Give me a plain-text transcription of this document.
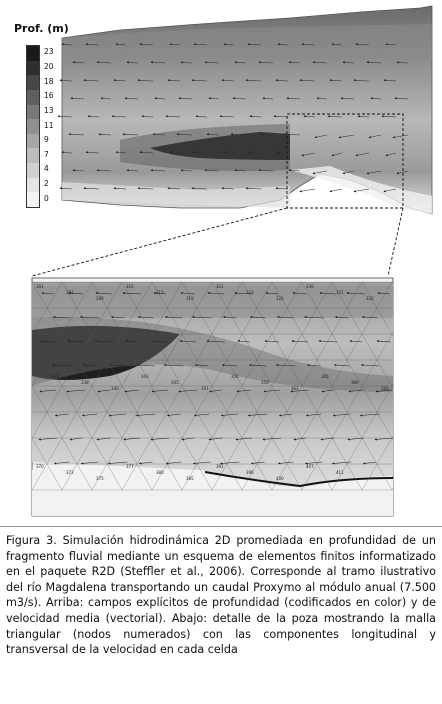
301
302
306
316
315
319
321
323
326
330
331
332
335
338
340
343
345
351
356
359
362
365
366
368
370
372
375
377
380
385
391
396
400
407
411
Prof. (m)
23
20
18
16
13
11
9
7
4
2
0
Figura 3. Simulación hidrodinámica 2D promediada en profundidad de un fragmento fluvial mediante un esquema de elementos finitos informatizado en el paquete R2D (Steffler et al., 2006). Corresponde al tramo ilustrativo del río Magdalena transportando un caudal Proxymo al módulo anual (7.500 m3/s). Arriba: campos explícitos de profundidad (codificados en color) y de velocidad media (vectorial). Abajo: detalle de la poza mostrando la malla triangular (nodos numerados) con las componentes longitudinal y transversal de la velocidad en cada celda
